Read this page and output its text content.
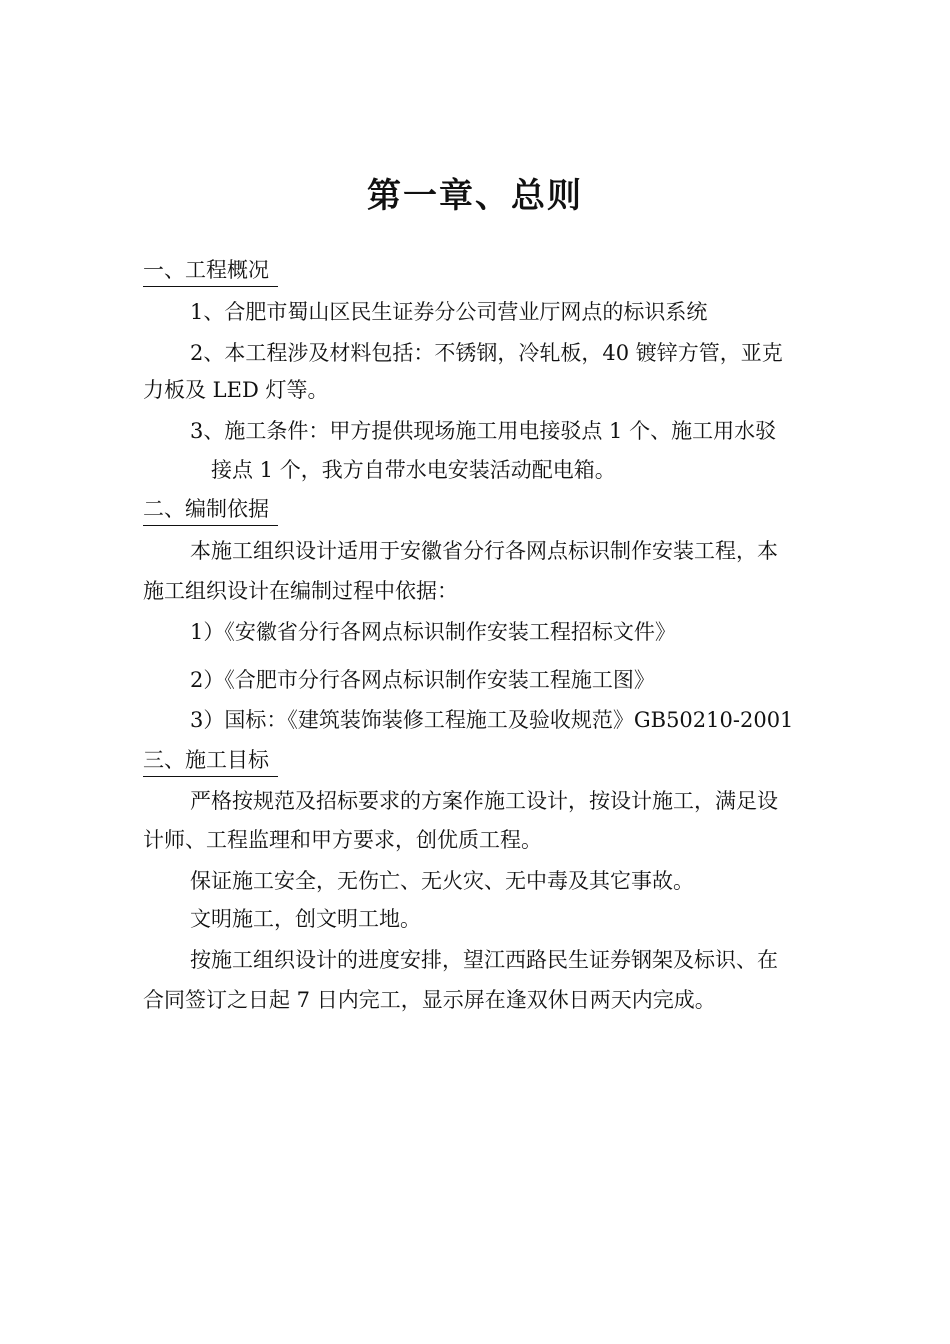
第一章、总则
一、工程概况
1、合肥市蜀山区民生证券分公司营业厅网点的标识系统
2、本工程涉及材料包括：不锈钢，冷轧板，40 镀锌方管，亚克
力板及 LED 灯等。
3、施工条件：甲方提供现场施工用电接驳点 1 个、施工用水驳
接点 1 个，我方自带水电安装活动配电箱。
二、编制依据
本施工组织设计适用于安徽省分行各网点标识制作安装工程，本
施工组织设计在编制过程中依据：
1）《安徽省分行各网点标识制作安装工程招标文件》
2）《合肥市分行各网点标识制作安装工程施工图》
3）国标：《建筑装饰装修工程施工及验收规范》GB50210-2001
三、施工目标
严格按规范及招标要求的方案作施工设计，按设计施工，满足设
计师、工程监理和甲方要求，创优质工程。
保证施工安全，无伤亡、无火灾、无中毒及其它事故。
文明施工，创文明工地。
按施工组织设计的进度安排，望江西路民生证券钢架及标识、在
合同签订之日起 7 日内完工，显示屏在逢双休日两天内完成。
